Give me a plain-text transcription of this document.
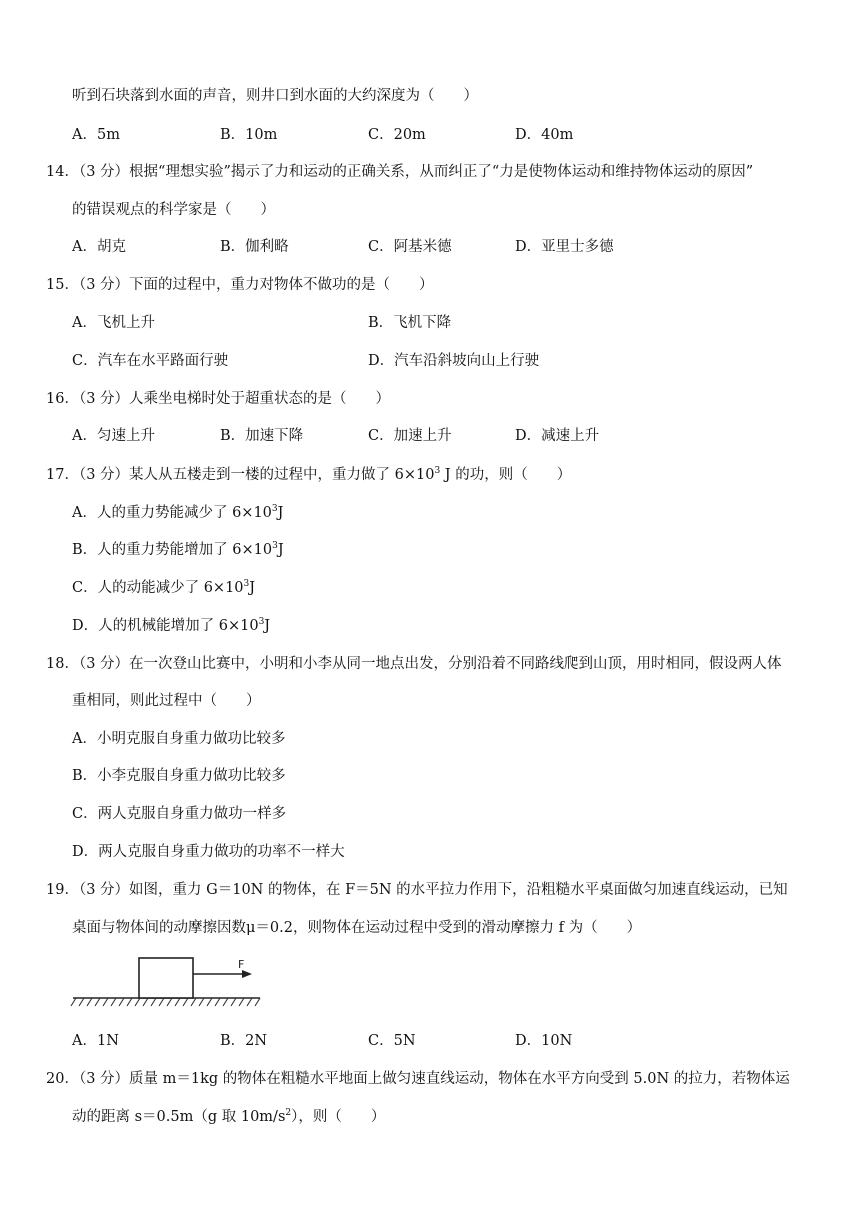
听到石块落到水面的声音，则井口到水面的大约深度为（　　）
A．5m	B．10m	C．20m	D．40m
14．（3 分）根据“理想实验”揭示了力和运动的正确关系，从而纠正了“力是使物体运动和维持物体运动的原因”
的错误观点的科学家是（　　）
A．胡克	B．伽利略	C．阿基米德	D．亚里士多德
15．（3 分）下面的过程中，重力对物体不做功的是（　　）
A．飞机上升	B．飞机下降
C．汽车在水平路面行驶	D．汽车沿斜坡向山上行驶
16．（3 分）人乘坐电梯时处于超重状态的是（　　）
A．匀速上升	B．加速下降	C．加速上升	D．减速上升
17．（3 分）某人从五楼走到一楼的过程中，重力做了 $6\times 10^3$ J 的功，则（　　）
A．人的重力势能减少了 $6\times 10^3J$
B．人的重力势能增加了 $6\times 10^3J$
C．人的动能减少了 $6\times 10^3J$
D．人的机械能增加了 $6\times 10^3J$
18．（3 分）在一次登山比赛中，小明和小李从同一地点出发，分别沿着不同路线爬到山顶，用时相同，假设两人体
重相同，则此过程中（　　）
A．小明克服自身重力做功比较多
B．小李克服自身重力做功比较多
C．两人克服自身重力做功一样多
D．两人克服自身重力做功的功率不一样大
19．（3 分）如图，重力 G＝10N 的物体，在 F＝5N 的水平拉力作用下，沿粗糙水平桌面做匀加速直线运动，已知
桌面与物体间的动摩擦因数μ＝0.2，则物体在运动过程中受到的滑动摩擦力 f 为（　　）
F
A．1N	B．2N	C．5N	D．10N
20．（3 分）质量 m＝1kg 的物体在粗糙水平地面上做匀速直线运动，物体在水平方向受到 5.0N 的拉力，若物体运
动的距离 s＝0.5m（g 取 $10m/s^2$），则（　　）
